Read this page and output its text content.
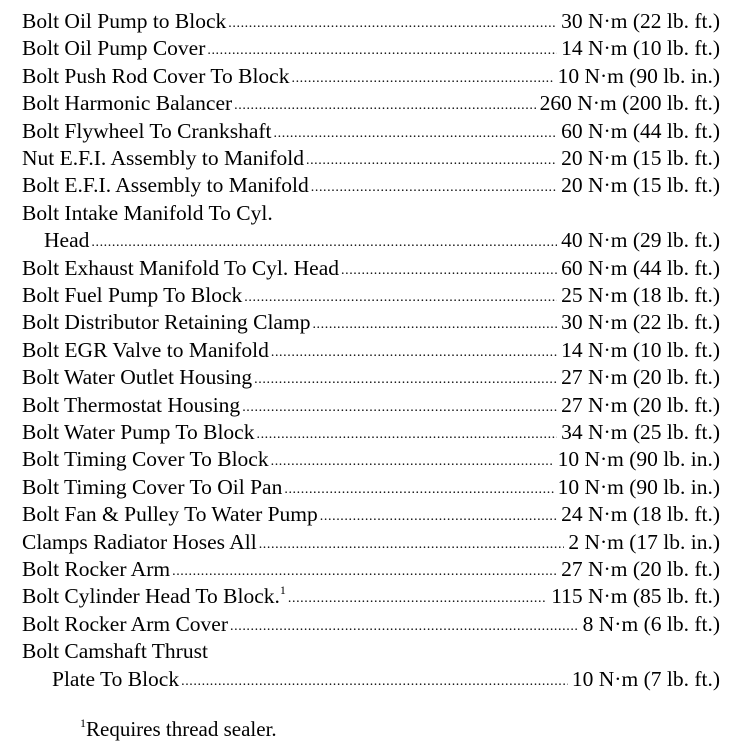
Bolt Oil Pump to Block .....	30 N·m (22 lb. ft.)
Bolt Oil Pump Cover .....	14 N·m (10 lb. ft.)
Bolt Push Rod Cover To Block .....	10 N·m (90 lb. in.)
Bolt Harmonic Balancer .....	260 N·m (200 lb. ft.)
Bolt Flywheel To Crankshaft .....	60 N·m (44 lb. ft.)
Nut E.F.I. Assembly to Manifold .....	20 N·m (15 lb. ft.)
Bolt E.F.I. Assembly to Manifold .....	20 N·m (15 lb. ft.)
Bolt Intake Manifold To Cyl.
Head .....	40 N·m (29 lb. ft.)
Bolt Exhaust Manifold To Cyl. Head .....	60 N·m (44 lb. ft.)
Bolt Fuel Pump To Block .....	25 N·m (18 lb. ft.)
Bolt Distributor Retaining Clamp .....	30 N·m (22 lb. ft.)
Bolt EGR Valve to Manifold .....	14 N·m (10 lb. ft.)
Bolt Water Outlet Housing .....	27 N·m (20 lb. ft.)
Bolt Thermostat Housing .....	27 N·m (20 lb. ft.)
Bolt Water Pump To Block .....	34 N·m (25 lb. ft.)
Bolt Timing Cover To Block .....	10 N·m (90 lb. in.)
Bolt Timing Cover To Oil Pan .....	10 N·m (90 lb. in.)
Bolt Fan & Pulley To Water Pump .....	24 N·m (18 lb. ft.)
Clamps Radiator Hoses All .....	2 N·m (17 lb. in.)
Bolt Rocker Arm .....	27 N·m (20 lb. ft.)
Bolt Cylinder Head To Block.$^1$ .....	115 N·m (85 lb. ft.)
Bolt Rocker Arm Cover .....	8 N·m (6 lb. ft.)
Bolt Camshaft Thrust
Plate To Block .....	10 N·m (7 lb. ft.)
$^1$Requires thread sealer.
